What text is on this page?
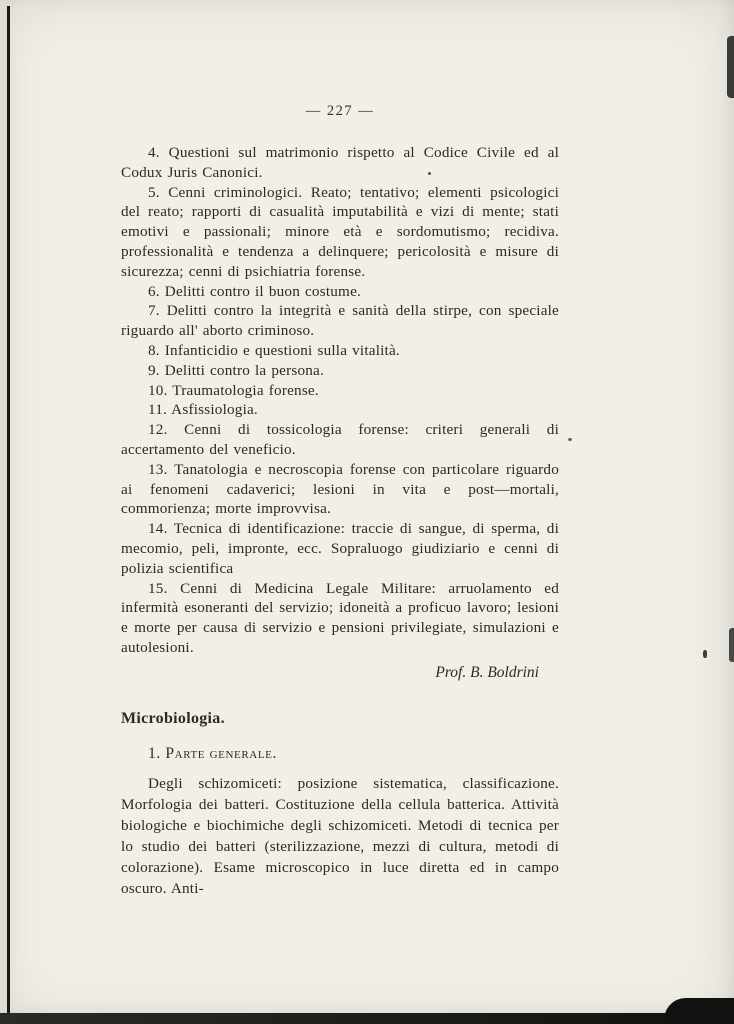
— 227 —

4. Questioni sul matrimonio rispetto al Codice Civile ed al Codux Juris Canonici.

5. Cenni criminologici. Reato; tentativo; elementi psicologici del reato; rapporti di casualità imputabilità e vizi di mente; stati emotivi e passionali; minore età e sordomutismo; recidiva. professionalità e tendenza a delinquere; pericolosità e misure di sicurezza; cenni di psichiatria forense.

6. Delitti contro il buon costume.

7. Delitti contro la integrità e sanità della stirpe, con speciale riguardo all' aborto criminoso.

8. Infanticidio e questioni sulla vitalità.

9. Delitti contro la persona.

10. Traumatologia forense.

11. Asfissiologia.

12. Cenni di tossicologia forense: criteri generali di accertamento del veneficio.

13. Tanatologia e necroscopia forense con particolare riguardo ai fenomeni cadaverici; lesioni in vita e post—mortali, commorienza; morte improvvisa.

14. Tecnica di identificazione: traccie di sangue, di sperma, di mecomio, peli, impronte, ecc. Sopraluogo giudiziario e cenni di polizia scientifica

15. Cenni di Medicina Legale Militare: arruolamento ed infermità esoneranti del servizio; idoneità a proficuo lavoro; lesioni e morte per causa di servizio e pensioni privilegiate, simulazioni e autolesioni.

Prof. B. Boldrini
Microbiologia.
1. Parte generale.

Degli schizomiceti: posizione sistematica, classificazione. Morfologia dei batteri. Costituzione della cellula batterica. Attività biologiche e biochimiche degli schizomiceti. Metodi di tecnica per lo studio dei batteri (sterilizzazione, mezzi di cultura, metodi di colorazione). Esame microscopico in luce diretta ed in campo oscuro. Anti-
